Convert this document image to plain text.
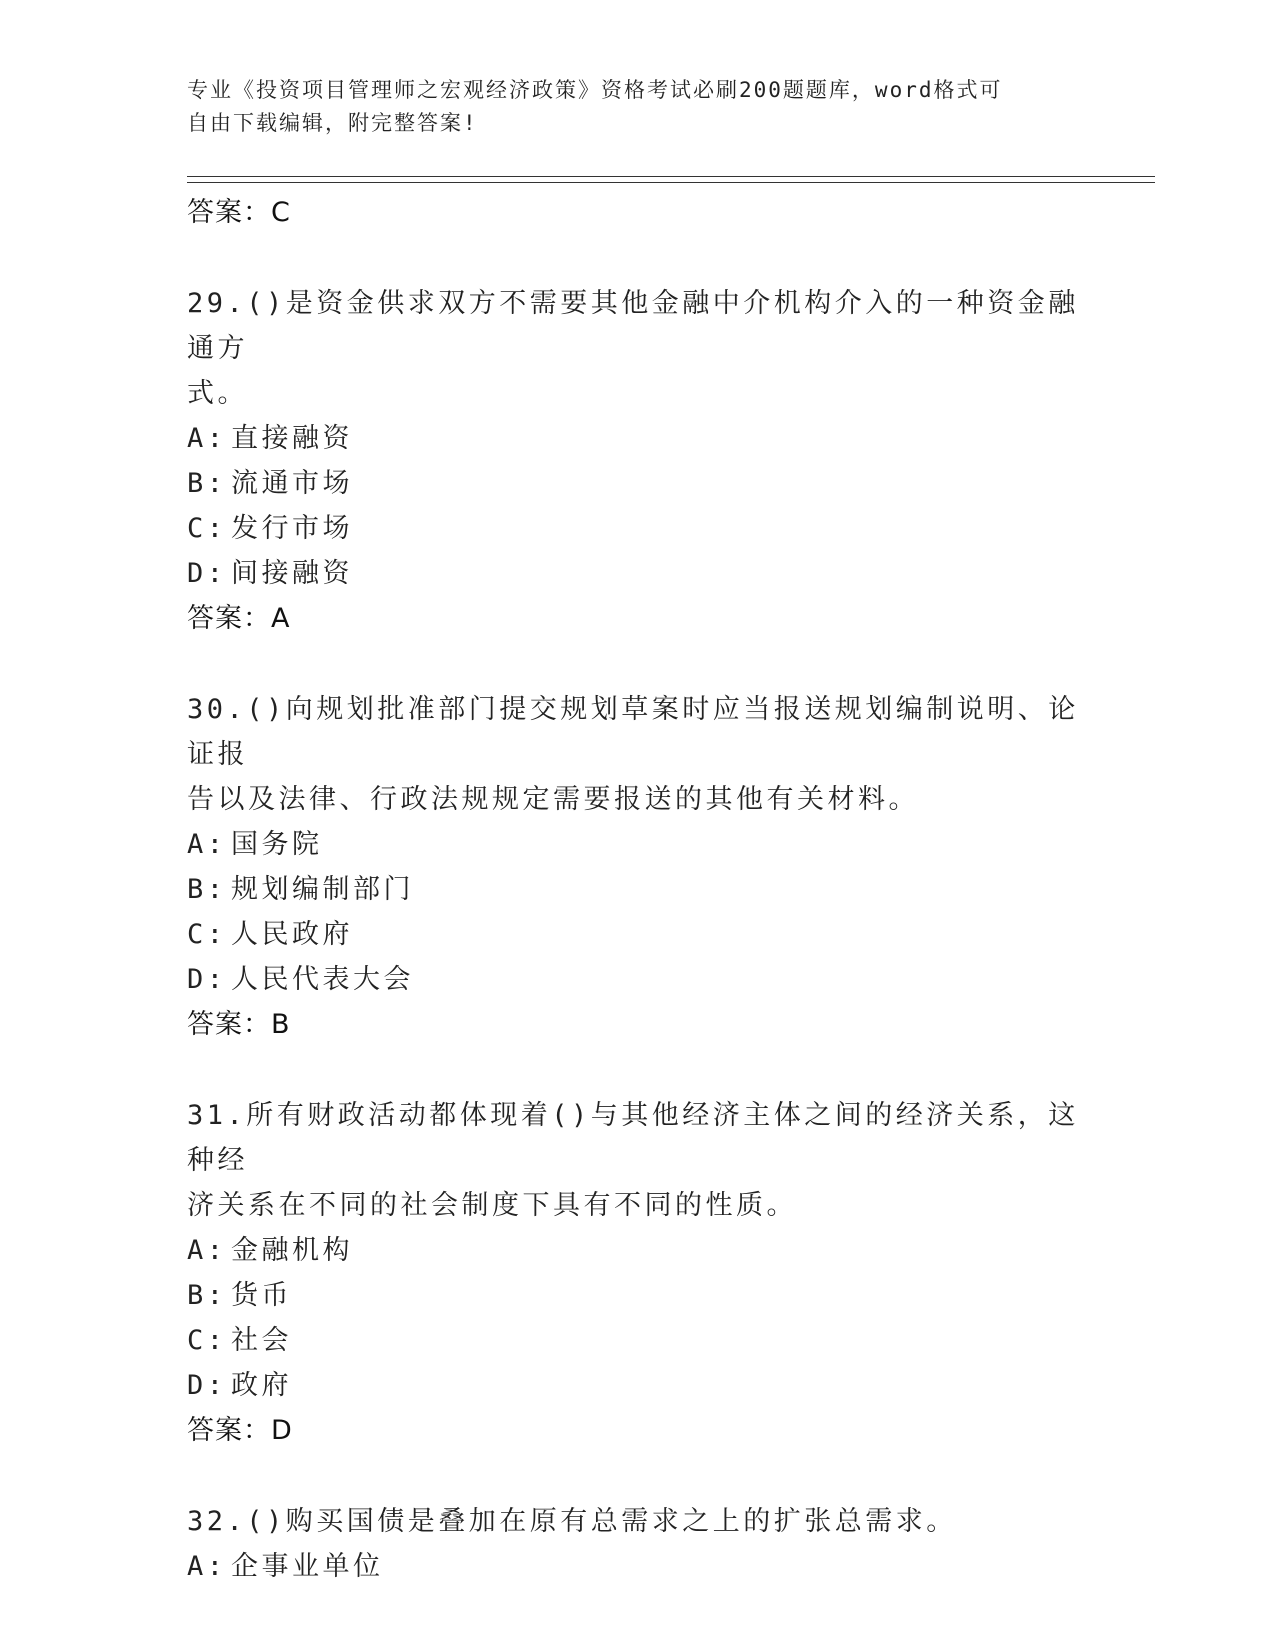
专业《投资项目管理师之宏观经济政策》资格考试必刷200题题库，word格式可
自由下载编辑，附完整答案!
答案：C
29.()是资金供求双方不需要其他金融中介机构介入的一种资金融通方
式。
A: 直接融资
B: 流通市场
C: 发行市场
D: 间接融资
答案：A
30.()向规划批准部门提交规划草案时应当报送规划编制说明、论证报
告以及法律、行政法规规定需要报送的其他有关材料。
A: 国务院
B: 规划编制部门
C: 人民政府
D: 人民代表大会
答案：B
31.所有财政活动都体现着()与其他经济主体之间的经济关系，这种经
济关系在不同的社会制度下具有不同的性质。
A: 金融机构
B: 货币
C: 社会
D: 政府
答案：D
32.()购买国债是叠加在原有总需求之上的扩张总需求。
A: 企事业单位
